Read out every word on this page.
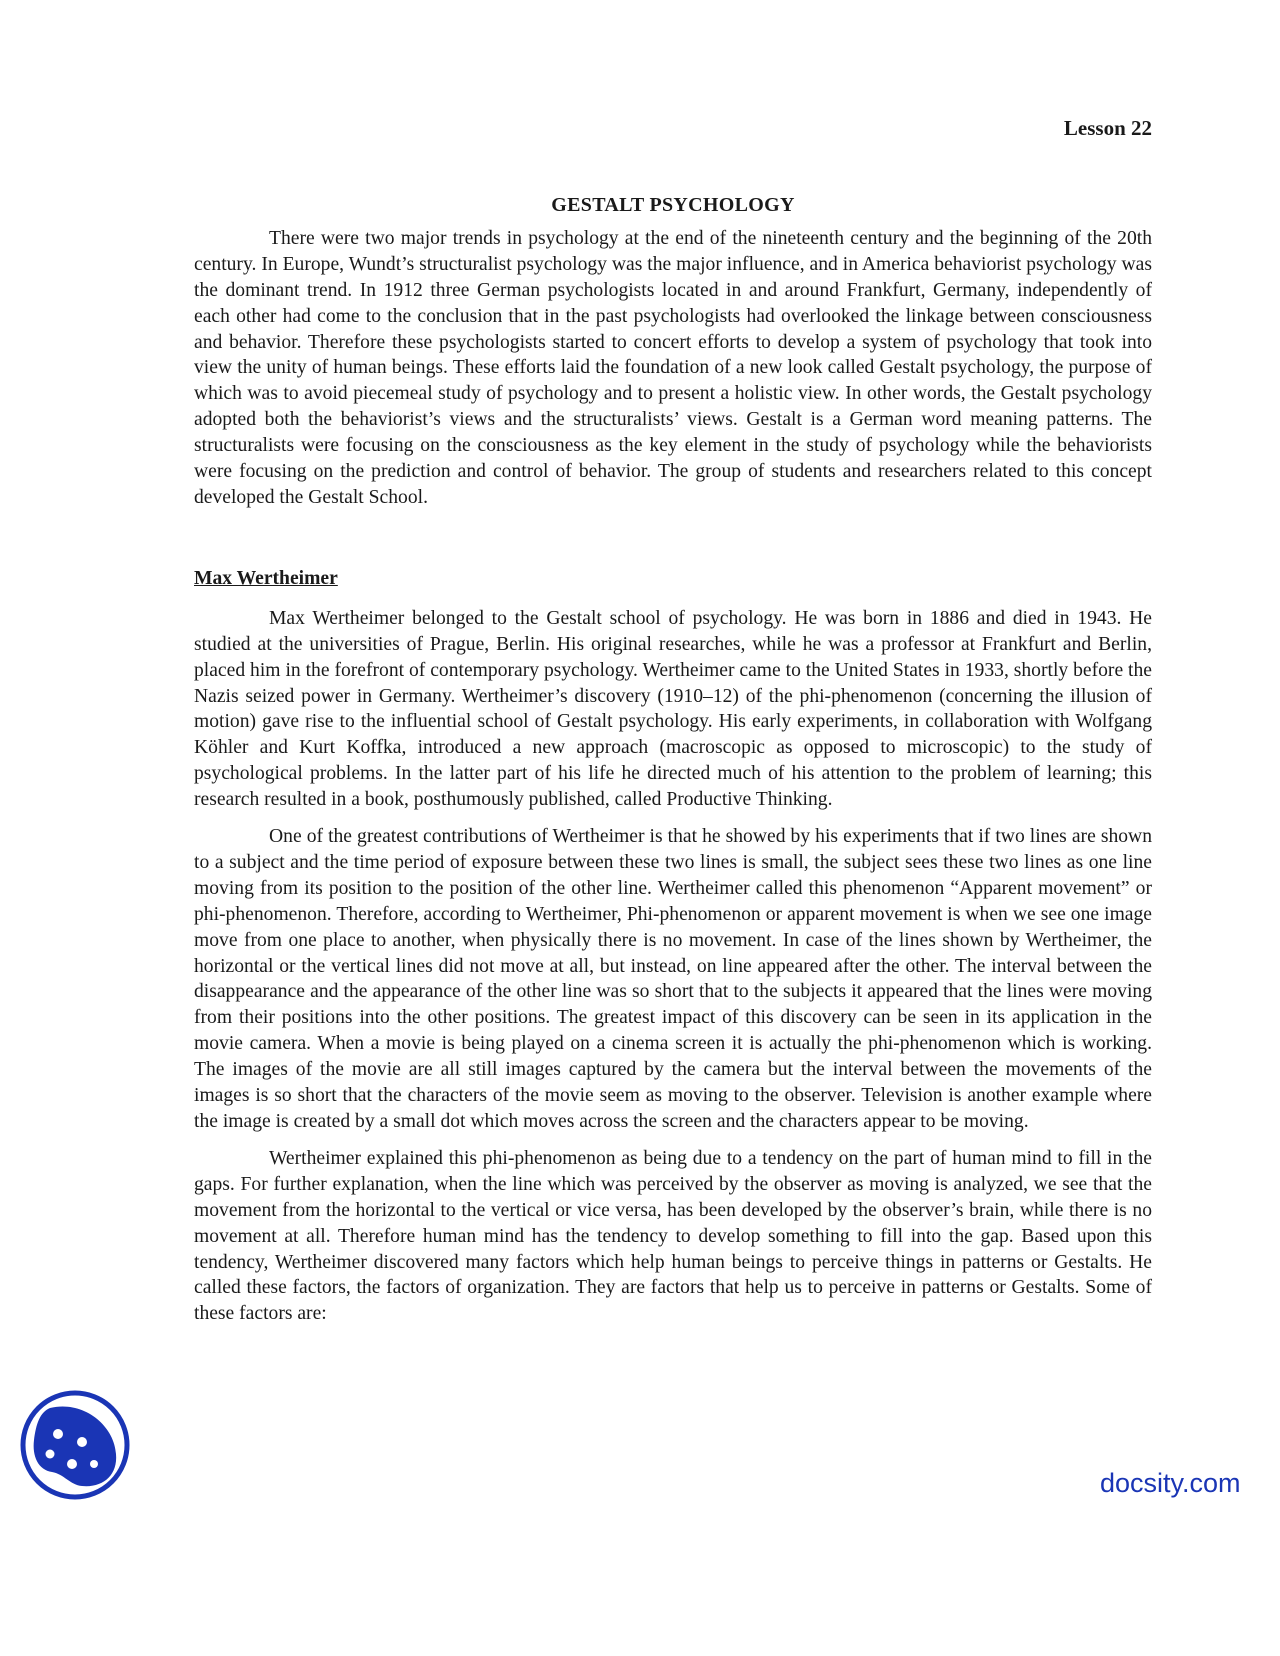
Lesson 22

GESTALT PSYCHOLOGY

There were two major trends in psychology at the end of the nineteenth century and the beginning of the 20th century. In Europe, Wundt’s structuralist psychology was the major influence, and in America behaviorist psychology was the dominant trend. In 1912 three German psychologists located in and around Frankfurt, Germany, independently of each other had come to the conclusion that in the past psychologists had overlooked the linkage between consciousness and behavior. Therefore these psychologists started to concert efforts to develop a system of psychology that took into view the unity of human beings. These efforts laid the foundation of a new look called Gestalt psychology, the purpose of which was to avoid piecemeal study of psychology and to present a holistic view. In other words, the Gestalt psychology adopted both the behaviorist’s views and the structuralists’ views. Gestalt is a German word meaning patterns. The structuralists were focusing on the consciousness as the key element in the study of psychology while the behaviorists were focusing on the prediction and control of behavior. The group of students and researchers related to this concept developed the Gestalt School.

Max Wertheimer

Max Wertheimer belonged to the Gestalt school of psychology. He was born in 1886 and died in 1943. He studied at the universities of Prague, Berlin. His original researches, while he was a professor at Frankfurt and Berlin, placed him in the forefront of contemporary psychology. Wertheimer came to the United States in 1933, shortly before the Nazis seized power in Germany. Wertheimer’s discovery (1910–12) of the phi-phenomenon (concerning the illusion of motion) gave rise to the influential school of Gestalt psychology. His early experiments, in collaboration with Wolfgang Köhler and Kurt Koffka, introduced a new approach (macroscopic as opposed to microscopic) to the study of psychological problems. In the latter part of his life he directed much of his attention to the problem of learning; this research resulted in a book, posthumously published, called Productive Thinking.

One of the greatest contributions of Wertheimer is that he showed by his experiments that if two lines are shown to a subject and the time period of exposure between these two lines is small, the subject sees these two lines as one line moving from its position to the position of the other line. Wertheimer called this phenomenon “Apparent movement” or phi-phenomenon. Therefore, according to Wertheimer, Phi-phenomenon or apparent movement is when we see one image move from one place to another, when physically there is no movement. In case of the lines shown by Wertheimer, the horizontal or the vertical lines did not move at all, but instead, on line appeared after the other. The interval between the disappearance and the appearance of the other line was so short that to the subjects it appeared that the lines were moving from their positions into the other positions. The greatest impact of this discovery can be seen in its application in the movie camera. When a movie is being played on a cinema screen it is actually the phi-phenomenon which is working. The images of the movie are all still images captured by the camera but the interval between the movements of the images is so short that the characters of the movie seem as moving to the observer. Television is another example where the image is created by a small dot which moves across the screen and the characters appear to be moving.

Wertheimer explained this phi-phenomenon as being due to a tendency on the part of human mind to fill in the gaps. For further explanation, when the line which was perceived by the observer as moving is analyzed, we see that the movement from the horizontal to the vertical or vice versa, has been developed by the observer’s brain, while there is no movement at all. Therefore human mind has the tendency to develop something to fill into the gap. Based upon this tendency, Wertheimer discovered many factors which help human beings to perceive things in patterns or Gestalts. He called these factors, the factors of organization. They are factors that help us to perceive in patterns or Gestalts. Some of these factors are:

docsity.com
